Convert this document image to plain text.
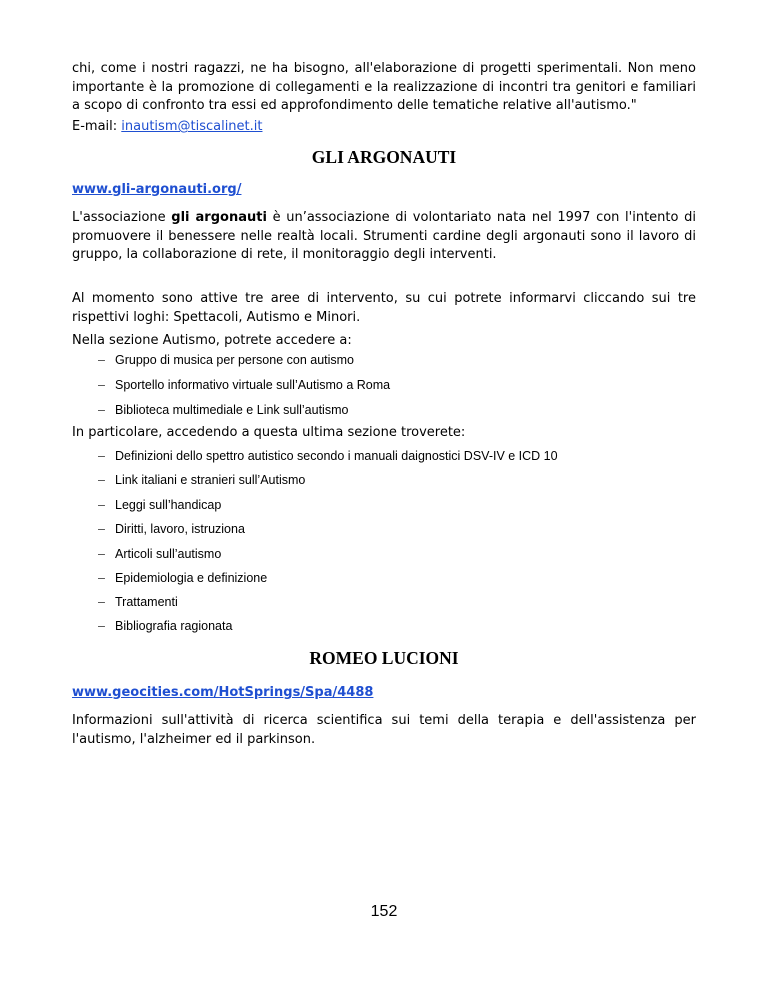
chi, come i nostri ragazzi, ne ha bisogno, all'elaborazione di progetti sperimentali. Non meno importante è la promozione di collegamenti e la realizzazione di incontri tra genitori e familiari a scopo di confronto tra essi ed approfondimento delle tematiche relative all'autismo."

E-mail: inautism@tiscalinet.it

GLI ARGONAUTI

www.gli-argonauti.org/

L'associazione gli argonauti è un’associazione di volontariato nata nel 1997 con l'intento di promuovere il benessere nelle realtà locali. Strumenti cardine degli argonauti sono il lavoro di gruppo, la collaborazione di rete, il monitoraggio degli interventi.

Al momento sono attive tre aree di intervento, su cui potrete informarvi cliccando sui tre rispettivi loghi: Spettacoli, Autismo e Minori.

Nella sezione Autismo, potrete accedere a:

– Gruppo di musica per persone con autismo
– Sportello informativo virtuale sull’Autismo a Roma
– Biblioteca multimediale e Link sull’autismo

In particolare, accedendo a questa ultima sezione troverete:

– Definizioni dello spettro autistico secondo i manuali daignostici DSV-IV e ICD 10
– Link italiani e stranieri sull’Autismo
– Leggi sull’handicap
– Diritti, lavoro, istruziona
– Articoli sull’autismo
– Epidemiologia e definizione
– Trattamenti
– Bibliografia ragionata
ROMEO LUCIONI

www.geocities.com/HotSprings/Spa/4488

Informazioni sull'attività di ricerca scientifica sui temi della terapia e dell'assistenza per l'autismo, l'alzheimer ed il parkinson.

152
